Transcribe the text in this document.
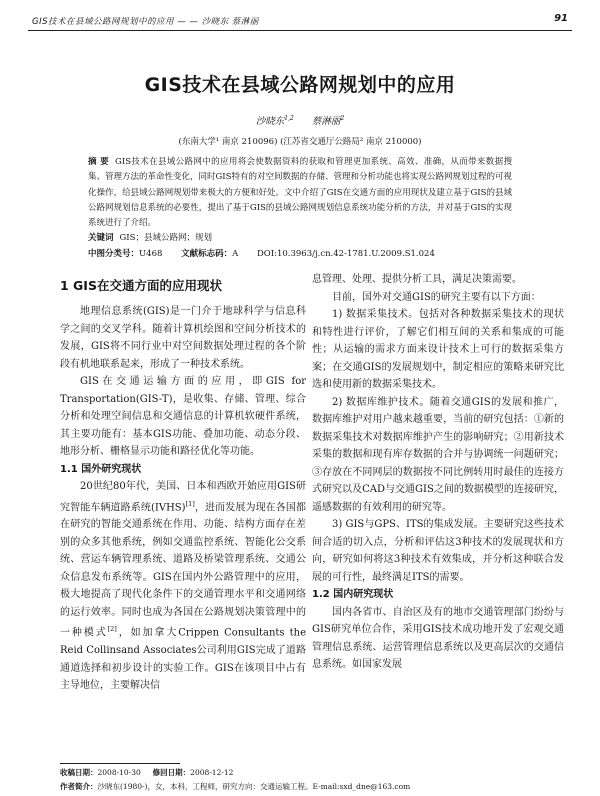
GIS技术在县域公路网规划中的应用 — — 沙晓东 蔡淋丽	91
GIS技术在县域公路网规划中的应用
沙晓东$^{1,2}$ 蔡淋丽$^2$
(东南大学¹ 南京 210096) (江苏省交通厅公路局² 南京 210000)
摘 要 GIS技术在县域公路网中的应用将会使数据资料的获取和管理更加系统、高效、准确，从而带来数据搜集、管理方法的革命性变化，同时GIS特有的对空间数据的存储、管理和分析功能也将实现公路网规划过程的可视化操作，给县域公路网规划带来极大的方便和好处。文中介绍了GIS在交通方面的应用现状及建立基于GIS的县域公路网规划信息系统的必要性，提出了基于GIS的县域公路网规划信息系统功能分析的方法，并对基于GIS的实现系统进行了介绍。
关键词 GIS；县域公路网；规划
中图分类号：U468 文献标志码：A DOI:10.3963/j.cn.42-1781.U.2009.S1.024
1 GIS在交通方面的应用现状

地理信息系统(GIS)是一门介于地球科学与信息科学之间的交叉学科。随着计算机绘图和空间分析技术的发展，GIS将不同行业中对空间数据处理过程的各个阶段有机地联系起来，形成了一种技术系统。

GIS在交通运输方面的应用，即GIS for Transportation(GIS-T)，是收集、存储、管理、综合分析和处理空间信息和交通信息的计算机软硬件系统，其主要功能有：基本GIS功能、叠加功能、动态分段、地形分析、栅格显示功能和路径优化等功能。

1.1 国外研究现状

20世纪80年代，美国、日本和西欧开始应用GIS研究智能车辆道路系统(IVHS)[1]，进而发展为现在各国都在研究的智能交通系统在作用、功能、结构方面存在差别的众多其他系统，例如交通监控系统、智能化公交系统、营运车辆管理系统、道路及桥梁管理系统、交通公众信息发布系统等。GIS在国内外公路管理中的应用，极大地提高了现代化条件下的交通管理水平和交通网络的运行效率。同时也成为各国在公路规划决策管理中的一种模式[2]，如加拿大Crippen Consultants the Reid Collinsand Associates公司利用GIS完成了道路通道选择和初步设计的实验工作。GIS在该项目中占有主导地位，主要解决信

息管理、处理、提供分析工具，满足决策需要。

目前，国外对交通GIS的研究主要有以下方面：

1) 数据采集技术。包括对各种数据采集技术的现状和特性进行评价，了解它们相互间的关系和集成的可能性；从运输的需求方面来设计技术上可行的数据采集方案；在交通GIS的发展规划中，制定相应的策略来研究比选和使用新的数据采集技术。

2) 数据库维护技术。随着交通GIS的发展和推广，数据库维护对用户越来越重要，当前的研究包括：①新的数据采集技术对数据库维护产生的影响研究；②用新技术采集的数据和现有库存数据的合并与协调统一问题研究；③存放在不同网层的数据按不同比例转用时最佳的连接方式研究以及CAD与交通GIS之间的数据模型的连接研究，遥感数据的有效利用的研究等。

3) GIS与GPS、ITS的集成发展。主要研究这些技术间合适的切入点，分析和评估这3种技术的发展现状和方向，研究如何将这3种技术有效集成，并分析这种联合发展的可行性，最终满足ITS的需要。

1.2 国内研究现状

国内各省市、自治区及有的地市交通管理部门纷纷与GIS研究单位合作，采用GIS技术成功地开发了宏观交通管理信息系统、运营管理信息系统以及更高层次的交通信息系统。如国家发展

收稿日期：2008-10-30 修回日期：2008-12-12
作者简介：沙晓东(1980-)，女，本科，工程师，研究方向：交通运输工程。E-mail:sxd_dne@163.com
